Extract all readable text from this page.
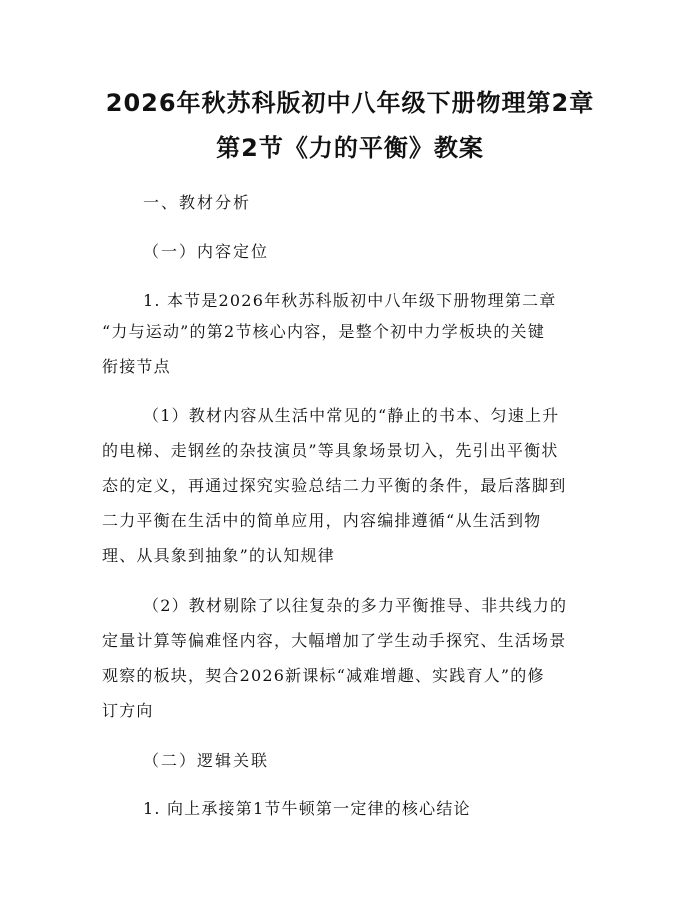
2026年秋苏科版初中八年级下册物理第2章
第2节《力的平衡》教案
一、教材分析
（一）内容定位
1. 本节是2026年秋苏科版初中八年级下册物理第二章
“力与运动”的第2节核心内容，是整个初中力学板块的关键
衔接节点
（1）教材内容从生活中常见的“静止的书本、匀速上升
的电梯、走钢丝的杂技演员”等具象场景切入，先引出平衡状
态的定义，再通过探究实验总结二力平衡的条件，最后落脚到
二力平衡在生活中的简单应用，内容编排遵循“从生活到物
理、从具象到抽象”的认知规律
（2）教材剔除了以往复杂的多力平衡推导、非共线力的
定量计算等偏难怪内容，大幅增加了学生动手探究、生活场景
观察的板块，契合2026新课标“减难增趣、实践育人”的修
订方向
（二）逻辑关联
1. 向上承接第1节牛顿第一定律的核心结论
